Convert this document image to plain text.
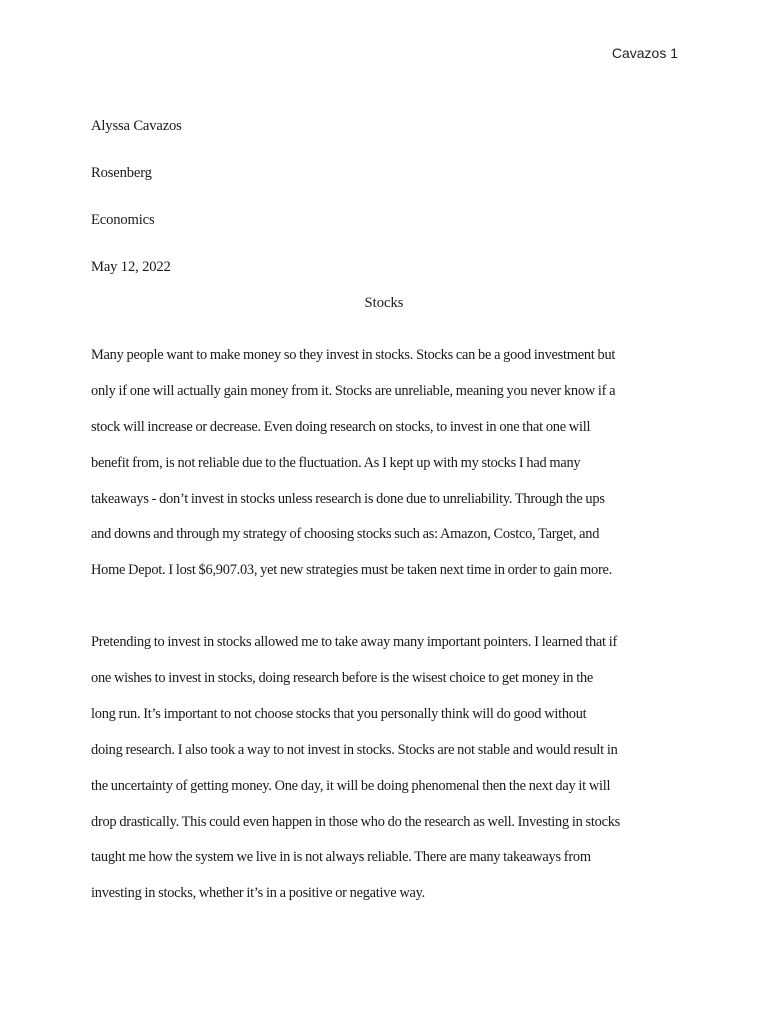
Cavazos 1
Alyssa Cavazos
Rosenberg
Economics
May 12, 2022
Stocks
Many people want to make money so they invest in stocks. Stocks can be a good investment but
only if one will actually gain money from it. Stocks are unreliable, meaning you never know if a
stock will increase or decrease. Even doing research on stocks, to invest in one that one will
benefit from, is not reliable due to the fluctuation. As I kept up with my stocks I had many
takeaways - don’t invest in stocks unless research is done due to unreliability. Through the ups
and downs and through my strategy of choosing stocks such as: Amazon, Costco, Target, and
Home Depot. I lost $6,907.03, yet new strategies must be taken next time in order to gain more.
Pretending to invest in stocks allowed me to take away many important pointers. I learned that if
one wishes to invest in stocks, doing research before is the wisest choice to get money in the
long run. It’s important to not choose stocks that you personally think will do good without
doing research. I also took a way to not invest in stocks. Stocks are not stable and would result in
the uncertainty of getting money. One day, it will be doing phenomenal then the next day it will
drop drastically. This could even happen in those who do the research as well. Investing in stocks
taught me how the system we live in is not always reliable. There are many takeaways from
investing in stocks, whether it’s in a positive or negative way.
